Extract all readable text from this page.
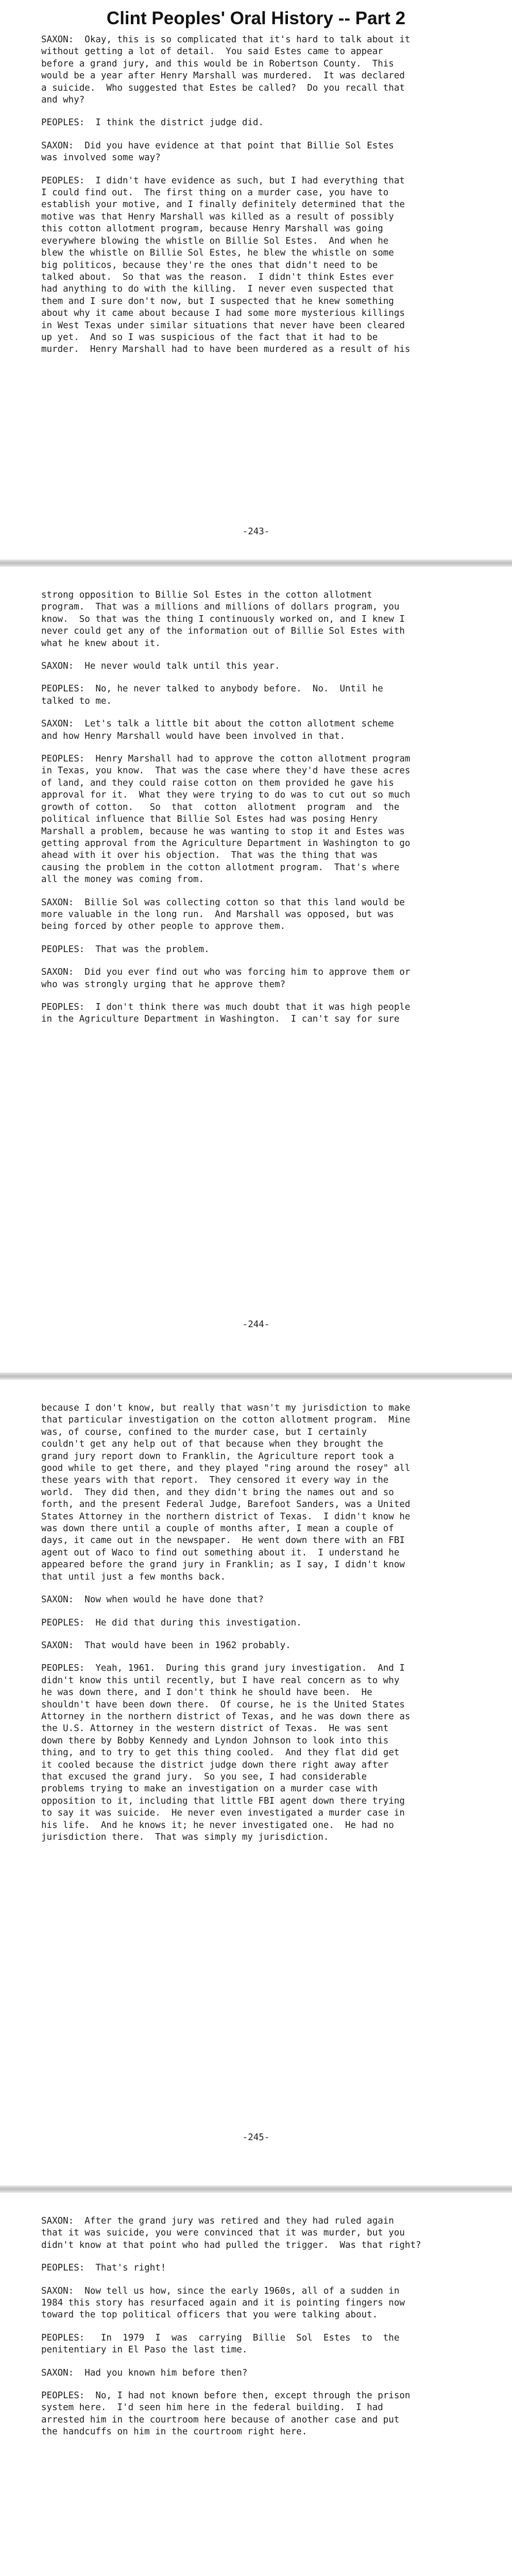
Clint Peoples' Oral History -- Part 2

SAXON:  Okay, this is so complicated that it's hard to talk about it
without getting a lot of detail.  You said Estes came to appear
before a grand jury, and this would be in Robertson County.  This
would be a year after Henry Marshall was murdered.  It was declared
a suicide.  Who suggested that Estes be called?  Do you recall that
and why?

PEOPLES:  I think the district judge did.

SAXON:  Did you have evidence at that point that Billie Sol Estes
was involved some way?

PEOPLES:  I didn't have evidence as such, but I had everything that
I could find out.  The first thing on a murder case, you have to
establish your motive, and I finally definitely determined that the
motive was that Henry Marshall was killed as a result of possibly
this cotton allotment program, because Henry Marshall was going
everywhere blowing the whistle on Billie Sol Estes.  And when he
blew the whistle on Billie Sol Estes, he blew the whistle on some
big politicos, because they're the ones that didn't need to be
talked about.  So that was the reason.  I didn't think Estes ever
had anything to do with the killing.  I never even suspected that
them and I sure don't now, but I suspected that he knew something
about why it came about because I had some more mysterious killings
in West Texas under similar situations that never have been cleared
up yet.  And so I was suspicious of the fact that it had to be
murder.  Henry Marshall had to have been murdered as a result of his

-243-

strong opposition to Billie Sol Estes in the cotton allotment
program.  That was a millions and millions of dollars program, you
know.  So that was the thing I continuously worked on, and I knew I
never could get any of the information out of Billie Sol Estes with
what he knew about it.

SAXON:  He never would talk until this year.

PEOPLES:  No, he never talked to anybody before.  No.  Until he
talked to me.

SAXON:  Let's talk a little bit about the cotton allotment scheme
and how Henry Marshall would have been involved in that.

PEOPLES:  Henry Marshall had to approve the cotton allotment program
in Texas, you know.  That was the case where they'd have these acres
of land, and they could raise cotton on them provided he gave his
approval for it.  What they were trying to do was to cut out so much
growth of cotton.   So  that  cotton  allotment  program  and  the
political influence that Billie Sol Estes had was posing Henry
Marshall a problem, because he was wanting to stop it and Estes was
getting approval from the Agriculture Department in Washington to go
ahead with it over his objection.  That was the thing that was
causing the problem in the cotton allotment program.  That's where
all the money was coming from.

SAXON:  Billie Sol was collecting cotton so that this land would be
more valuable in the long run.  And Marshall was opposed, but was
being forced by other people to approve them.

PEOPLES:  That was the problem.

SAXON:  Did you ever find out who was forcing him to approve them or
who was strongly urging that he approve them?

PEOPLES:  I don't think there was much doubt that it was high people
in the Agriculture Department in Washington.  I can't say for sure

-244-

because I don't know, but really that wasn't my jurisdiction to make
that particular investigation on the cotton allotment program.  Mine
was, of course, confined to the murder case, but I certainly
couldn't get any help out of that because when they brought the
grand jury report down to Franklin, the Agriculture report took a
good while to get there, and they played "ring around the rosey" all
these years with that report.  They censored it every way in the
world.  They did then, and they didn't bring the names out and so
forth, and the present Federal Judge, Barefoot Sanders, was a United
States Attorney in the northern district of Texas.  I didn't know he
was down there until a couple of months after, I mean a couple of
days, it came out in the newspaper.  He went down there with an FBI
agent out of Waco to find out something about it.  I understand he
appeared before the grand jury in Franklin; as I say, I didn't know
that until just a few months back.

SAXON:  Now when would he have done that?

PEOPLES:  He did that during this investigation.

SAXON:  That would have been in 1962 probably.

PEOPLES:  Yeah, 1961.  During this grand jury investigation.  And I
didn't know this until recently, but I have real concern as to why
he was down there, and I don't think he should have been.  He
shouldn't have been down there.  Of course, he is the United States
Attorney in the northern district of Texas, and he was down there as
the U.S. Attorney in the western district of Texas.  He was sent
down there by Bobby Kennedy and Lyndon Johnson to look into this
thing, and to try to get this thing cooled.  And they flat did get
it cooled because the district judge down there right away after
that excused the grand jury.  So you see, I had considerable
problems trying to make an investigation on a murder case with
opposition to it, including that little FBI agent down there trying
to say it was suicide.  He never even investigated a murder case in
his life.  And he knows it; he never investigated one.  He had no
jurisdiction there.  That was simply my jurisdiction.

-245-

SAXON:  After the grand jury was retired and they had ruled again
that it was suicide, you were convinced that it was murder, but you
didn't know at that point who had pulled the trigger.  Was that right?

PEOPLES:  That's right!

SAXON:  Now tell us how, since the early 1960s, all of a sudden in
1984 this story has resurfaced again and it is pointing fingers now
toward the top political officers that you were talking about.

PEOPLES:   In  1979  I  was  carrying  Billie  Sol  Estes  to  the
penitentiary in El Paso the last time.

SAXON:  Had you known him before then?

PEOPLES:  No, I had not known before then, except through the prison
system here.  I'd seen him here in the federal building.  I had
arrested him in the courtroom here because of another case and put
the handcuffs on him in the courtroom right here.
